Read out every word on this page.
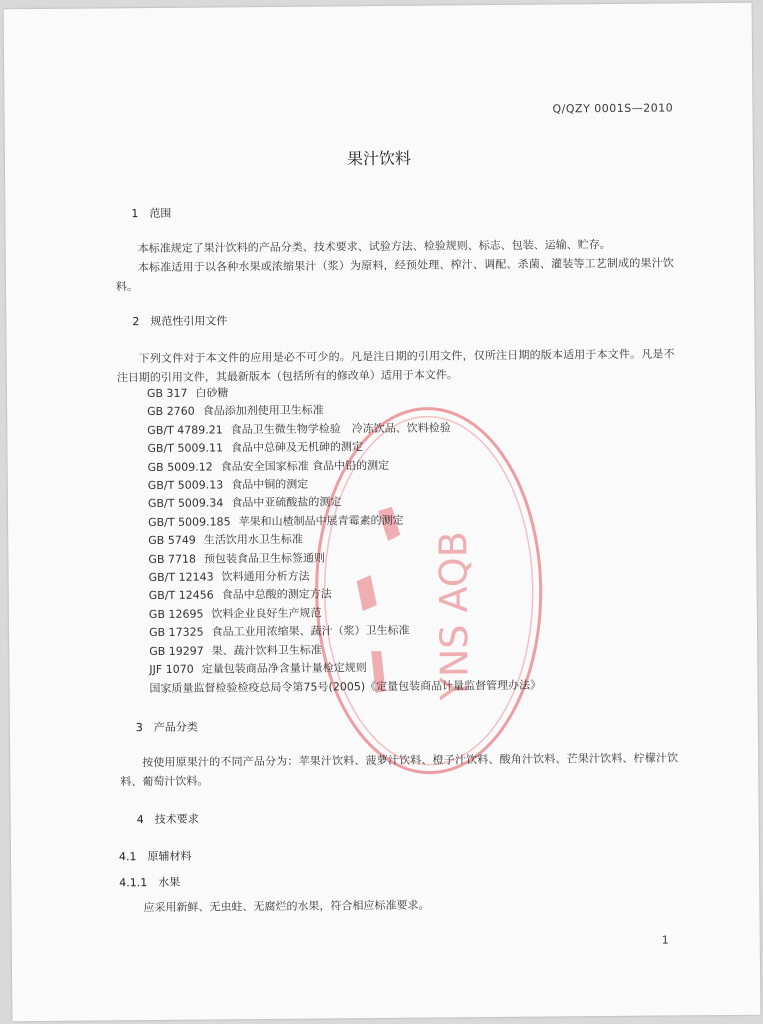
YNS AQB
Q/QZY 0001S—2010
果汁饮料
1　范围

本标准规定了果汁饮料的产品分类、技术要求、试验方法、检验规则、标志、包装、运输、贮存。

本标准适用于以各种水果或浓缩果汁（浆）为原料，经预处理、榨汁、调配、杀菌、灌装等工艺制成的果汁饮料。

2　规范性引用文件

下列文件对于本文件的应用是必不可少的。凡是注日期的引用文件，仅所注日期的版本适用于本文件。凡是不注日期的引用文件，其最新版本（包括所有的修改单）适用于本文件。

GB 317 白砂糖
GB 2760 食品添加剂使用卫生标准
GB/T 4789.21 食品卫生微生物学检验　冷冻饮品、饮料检验
GB/T 5009.11 食品中总砷及无机砷的测定
GB 5009.12 食品安全国家标准 食品中铅的测定
GB/T 5009.13 食品中铜的测定
GB/T 5009.34 食品中亚硫酸盐的测定
GB/T 5009.185 苹果和山楂制品中展青霉素的测定
GB 5749 生活饮用水卫生标准
GB 7718 预包装食品卫生标签通则
GB/T 12143 饮料通用分析方法
GB/T 12456 食品中总酸的测定方法
GB 12695 饮料企业良好生产规范
GB 17325 食品工业用浓缩果、蔬汁（浆）卫生标准
GB 19297 果、蔬汁饮料卫生标准
JJF 1070 定量包装商品净含量计量检定规则
国家质量监督检验检疫总局令第75号(2005)《定量包装商品计量监督管理办法》
3　产品分类

按使用原果汁的不同产品分为：苹果汁饮料、菠萝汁饮料、橙子汁饮料、酸角汁饮料、芒果汁饮料、柠檬汁饮料、葡萄汁饮料。

4　技术要求
4.1　原辅材料
4.1.1　水果

应采用新鲜、无虫蛀、无腐烂的水果，符合相应标准要求。

1
